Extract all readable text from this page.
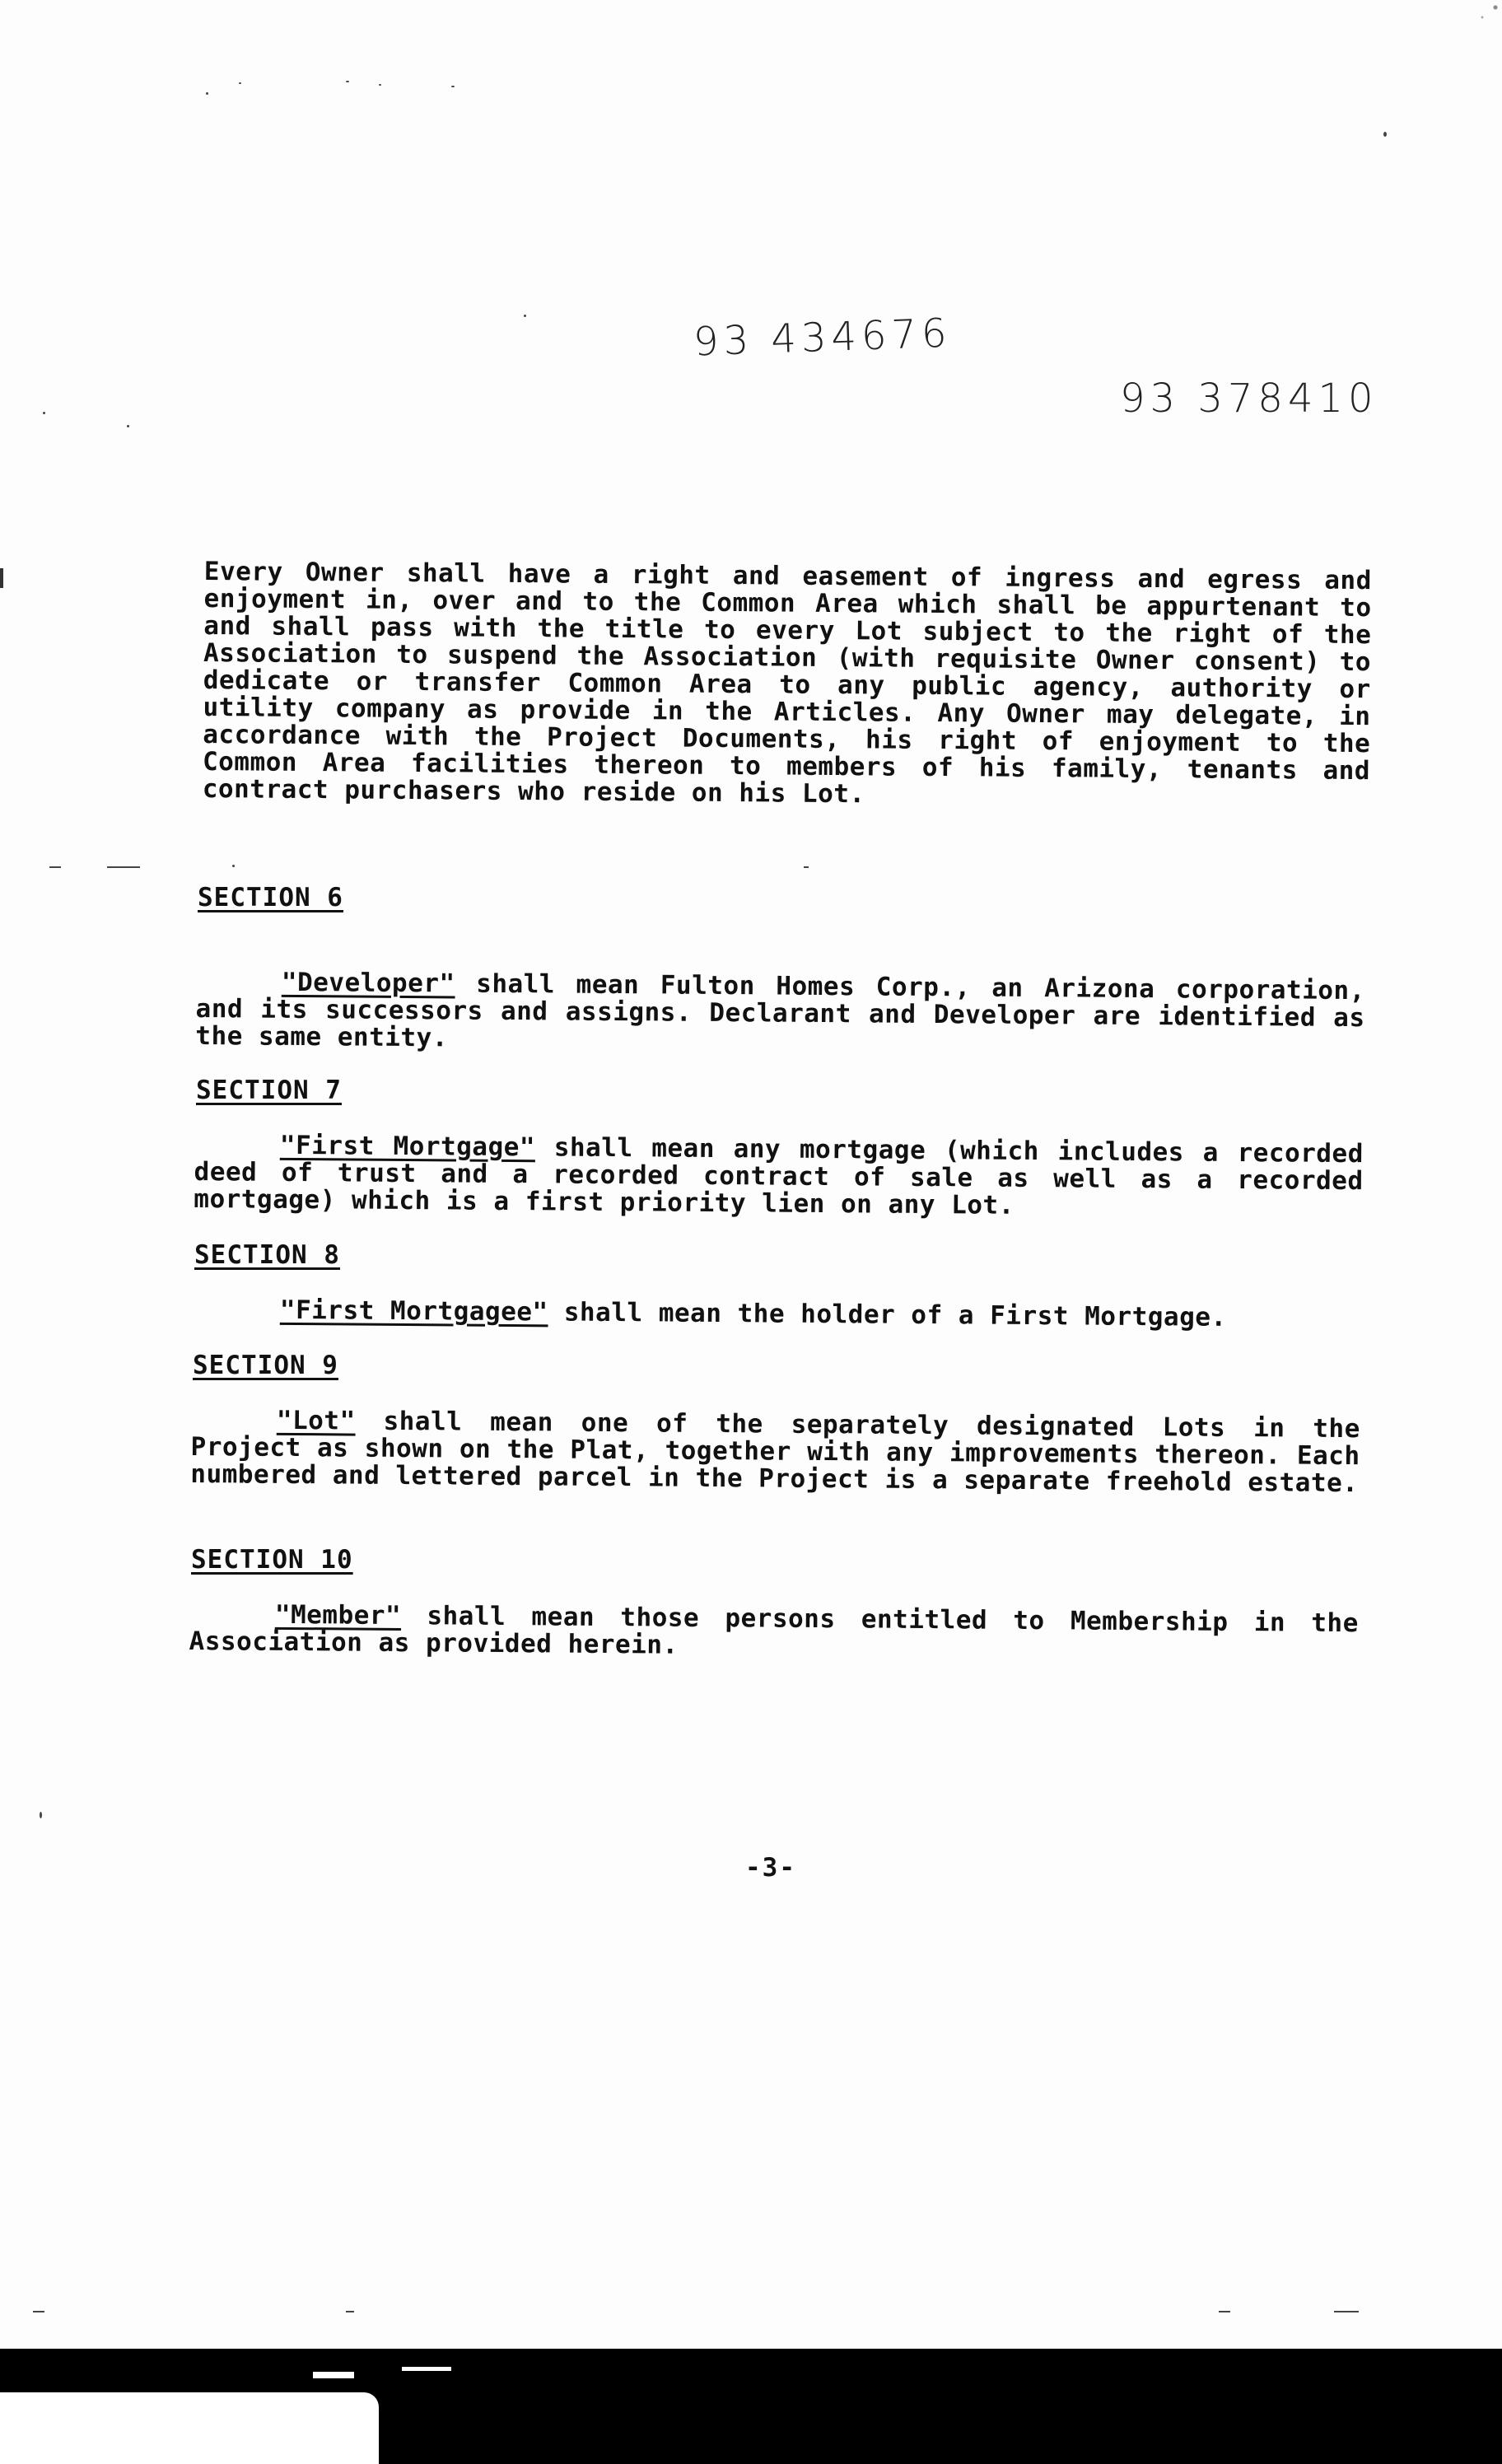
93 434676
93 378410
Every Owner shall have a right and easement of ingress and egress and enjoyment in, over and to the Common Area which shall be appurtenant to and shall pass with the title to every Lot subject to the right of the Association to suspend the Association (with requisite Owner consent) to dedicate or transfer Common Area to any public agency, authority or utility company as provide in the Articles. Any Owner may delegate, in accordance with the Project Documents, his right of enjoyment to the Common Area facilities thereon to members of his family, tenants and contract purchasers who reside on his Lot.
SECTION 6
"Developer" shall mean Fulton Homes Corp., an Arizona corporation, and its successors and assigns. Declarant and Developer are identified as the same entity.
SECTION 7
"First Mortgage" shall mean any mortgage (which includes a recorded deed of trust and a recorded contract of sale as well as a recorded mortgage) which is a first priority lien on any Lot.
SECTION 8
"First Mortgagee" shall mean the holder of a First Mortgage.
SECTION 9
"Lot" shall mean one of the separately designated Lots in the Project as shown on the Plat, together with any improvements thereon. Each numbered and lettered parcel in the Project is a separate freehold estate.
SECTION 10
"Member" shall mean those persons entitled to Membership in the Association as provided herein.
-3-
